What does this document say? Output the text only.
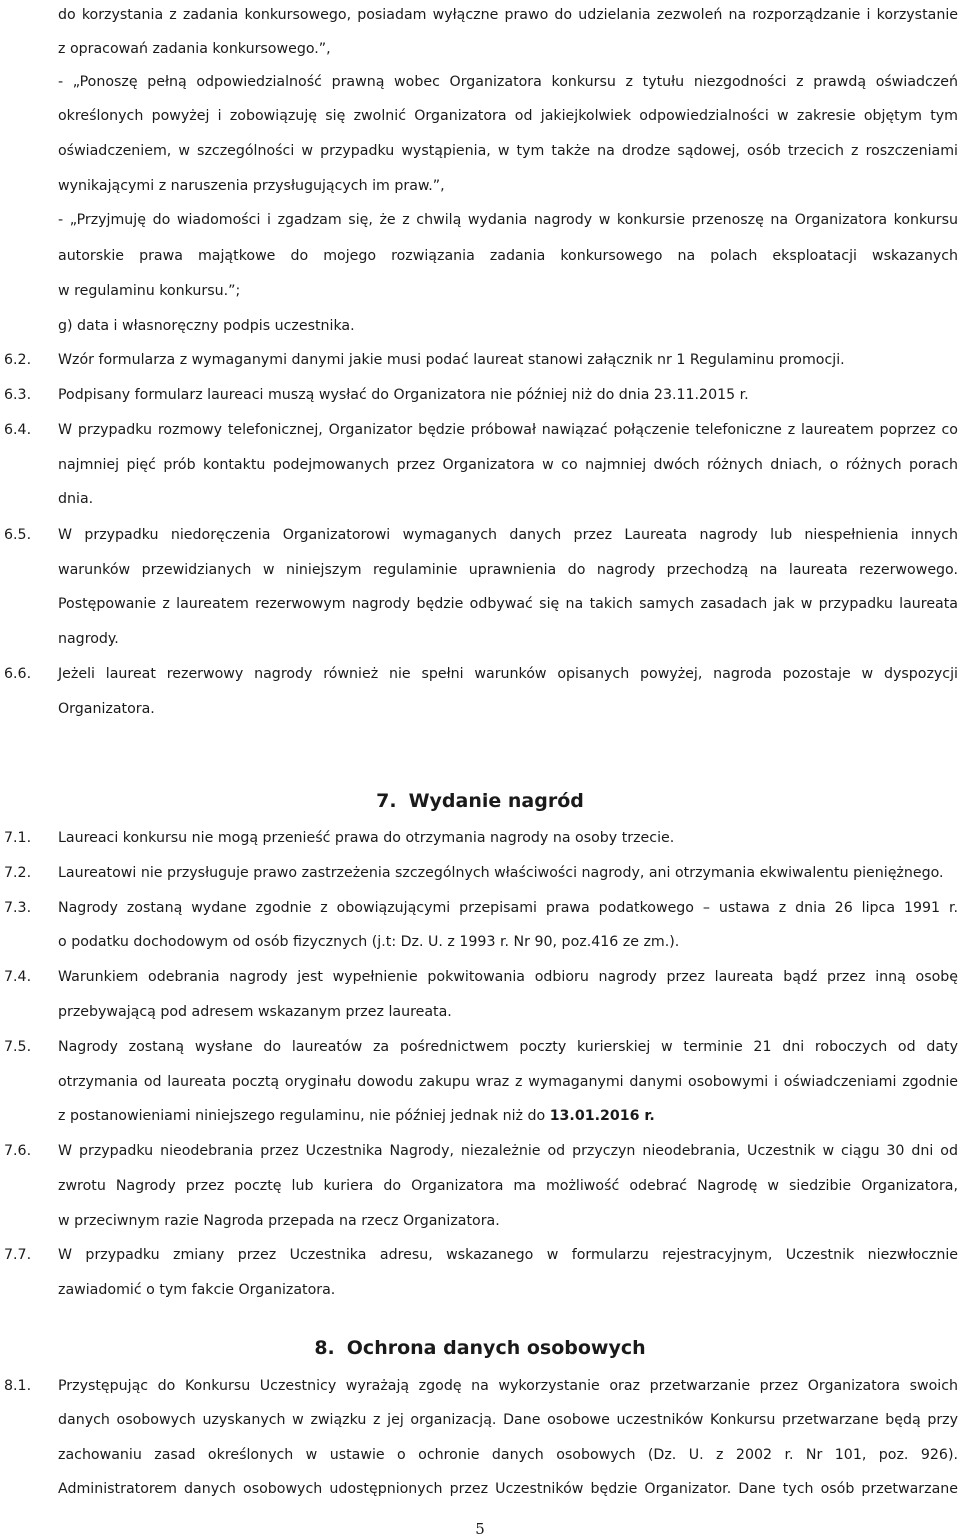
do korzystania z zadania konkursowego, posiadam wyłączne prawo do udzielania zezwoleń na rozporządzanie i korzystanie
z opracowań zadania konkursowego.”,
- „Ponoszę pełną odpowiedzialność prawną wobec Organizatora konkursu z tytułu niezgodności z prawdą oświadczeń
określonych powyżej i zobowiązuję się zwolnić Organizatora od jakiejkolwiek odpowiedzialności w zakresie objętym tym
oświadczeniem, w szczególności w przypadku wystąpienia, w tym także na drodze sądowej, osób trzecich z roszczeniami
wynikającymi z naruszenia przysługujących im praw.”,
- „Przyjmuję do wiadomości i zgadzam się, że z chwilą wydania nagrody w konkursie przenoszę na Organizatora konkursu
autorskie prawa majątkowe do mojego rozwiązania zadania konkursowego na polach eksploatacji wskazanych
w regulaminu konkursu.”;
g) data i własnoręczny podpis uczestnika.
6.2. Wzór formularza z wymaganymi danymi jakie musi podać laureat stanowi załącznik nr 1 Regulaminu promocji.
6.3. Podpisany formularz laureaci muszą wysłać do Organizatora nie później niż do dnia 23.11.2015 r.
6.4. W przypadku rozmowy telefonicznej, Organizator będzie próbował nawiązać połączenie telefoniczne z laureatem poprzez co
najmniej pięć prób kontaktu podejmowanych przez Organizatora w co najmniej dwóch różnych dniach, o różnych porach
dnia.
6.5. W przypadku niedoręczenia Organizatorowi wymaganych danych przez Laureata nagrody lub niespełnienia innych
warunków przewidzianych w niniejszym regulaminie uprawnienia do nagrody przechodzą na laureata rezerwowego.
Postępowanie z laureatem rezerwowym nagrody będzie odbywać się na takich samych zasadach jak w przypadku laureata
nagrody.
6.6. Jeżeli laureat rezerwowy nagrody również nie spełni warunków opisanych powyżej, nagroda pozostaje w dyspozycji
Organizatora.
7. Wydanie nagród
7.1. Laureaci konkursu nie mogą przenieść prawa do otrzymania nagrody na osoby trzecie.
7.2. Laureatowi nie przysługuje prawo zastrzeżenia szczególnych właściwości nagrody, ani otrzymania ekwiwalentu pieniężnego.
7.3. Nagrody zostaną wydane zgodnie z obowiązującymi przepisami prawa podatkowego – ustawa z dnia 26 lipca 1991 r.
o podatku dochodowym od osób fizycznych (j.t: Dz. U. z 1993 r. Nr 90, poz.416 ze zm.).
7.4. Warunkiem odebrania nagrody jest wypełnienie pokwitowania odbioru nagrody przez laureata bądź przez inną osobę
przebywającą pod adresem wskazanym przez laureata.
7.5. Nagrody zostaną wysłane do laureatów za pośrednictwem poczty kurierskiej w terminie 21 dni roboczych od daty
otrzymania od laureata pocztą oryginału dowodu zakupu wraz z wymaganymi danymi osobowymi i oświadczeniami zgodnie
z postanowieniami niniejszego regulaminu, nie później jednak niż do 13.01.2016 r.
7.6. W przypadku nieodebrania przez Uczestnika Nagrody, niezależnie od przyczyn nieodebrania, Uczestnik w ciągu 30 dni od
zwrotu Nagrody przez pocztę lub kuriera do Organizatora ma możliwość odebrać Nagrodę w siedzibie Organizatora,
w przeciwnym razie Nagroda przepada na rzecz Organizatora.
7.7. W przypadku zmiany przez Uczestnika adresu, wskazanego w formularzu rejestracyjnym, Uczestnik niezwłocznie
zawiadomić o tym fakcie Organizatora.
8. Ochrona danych osobowych
8.1. Przystępując do Konkursu Uczestnicy wyrażają zgodę na wykorzystanie oraz przetwarzanie przez Organizatora swoich
danych osobowych uzyskanych w związku z jej organizacją. Dane osobowe uczestników Konkursu przetwarzane będą przy
zachowaniu zasad określonych w ustawie o ochronie danych osobowych (Dz. U. z 2002 r. Nr 101, poz. 926).
Administratorem danych osobowych udostępnionych przez Uczestników będzie Organizator. Dane tych osób przetwarzane
5
